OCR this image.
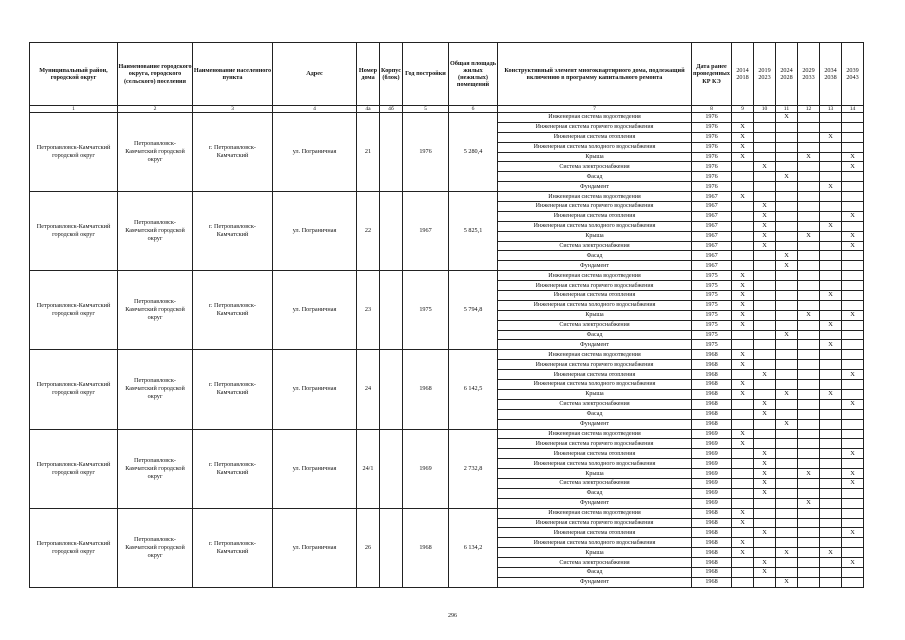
Муниципальный район, городской округ	Наименование городского округа, городского (сельского) поселения	Наименование населенного пункта	Адрес	Номер дома	Корпус (блок)	Год постройки	Общая площадь жилых (нежилых) помещений	Конструктивный элемент многоквартирного дома, подлежащий включению в программу капитального ремонта	Дата ранее проведенных КР КЭ	2014 2018	2019 2023	2024 2028	2029 2033	2034 2038	2039 2043
1	2	3	4	4а	4б	5	6	7	8	9	10	11	12	13	14
Петропавловск-Камчатский городской округ	Петропавловск-Камчатский городской округ	г. Петропавловск-Камчатский	ул. Пограничная	21		1976	5 280,4	Инженерная система водоотведения	1976			X			
								Инженерная система горячего водоснабжения	1976	X					
								Инженерная система отопления	1976	X				X	
								Инженерная система холодного водоснабжения	1976	X					
								Крыша	1976	X			X		X
								Система электроснабжения	1976		X				X
								Фасад	1976			X			
								Фундамент	1976					X	
Петропавловск-Камчатский городской округ	Петропавловск-Камчатский городской округ	г. Петропавловск-Камчатский	ул. Пограничная	22		1967	5 825,1	Инженерная система водоотведения	1967	X					
								Инженерная система горячего водоснабжения	1967		X				
								Инженерная система отопления	1967		X				X
								Инженерная система холодного водоснабжения	1967		X			X	
								Крыша	1967		X		X		X
								Система электроснабжения	1967		X				X
								Фасад	1967			X			
								Фундамент	1967			X			
Петропавловск-Камчатский городской округ	Петропавловск-Камчатский городской округ	г. Петропавловск-Камчатский	ул. Пограничная	23		1975	5 794,8	Инженерная система водоотведения	1975	X					
								Инженерная система горячего водоснабжения	1975	X					
								Инженерная система отопления	1975	X				X	
								Инженерная система холодного водоснабжения	1975	X					
								Крыша	1975	X			X		X
								Система электроснабжения	1975	X				X	
								Фасад	1975			X			
								Фундамент	1975					X	
Петропавловск-Камчатский городской округ	Петропавловск-Камчатский городской округ	г. Петропавловск-Камчатский	ул. Пограничная	24		1968	6 142,5	Инженерная система водоотведения	1968	X					
								Инженерная система горячего водоснабжения	1968	X					
								Инженерная система отопления	1968		X				X
								Инженерная система холодного водоснабжения	1968	X					
								Крыша	1968	X		X		X	
								Система электроснабжения	1968		X				X
								Фасад	1968		X				
								Фундамент	1968			X			
Петропавловск-Камчатский городской округ	Петропавловск-Камчатский городской округ	г. Петропавловск-Камчатский	ул. Пограничная	24/1		1969	2 732,8	Инженерная система водоотведения	1969	X					
								Инженерная система горячего водоснабжения	1969	X					
								Инженерная система отопления	1969		X				X
								Инженерная система холодного водоснабжения	1969		X				
								Крыша	1969		X		X		X
								Система электроснабжения	1969		X				X
								Фасад	1969		X				
								Фундамент	1969				X		
Петропавловск-Камчатский городской округ	Петропавловск-Камчатский городской округ	г. Петропавловск-Камчатский	ул. Пограничная	26		1968	6 134,2	Инженерная система водоотведения	1968	X					
								Инженерная система горячего водоснабжения	1968	X					
								Инженерная система отопления	1968		X				X
								Инженерная система холодного водоснабжения	1968	X					
								Крыша	1968	X		X		X	
								Система электроснабжения	1968		X				X
								Фасад	1968		X				
								Фундамент	1968			X			
296
